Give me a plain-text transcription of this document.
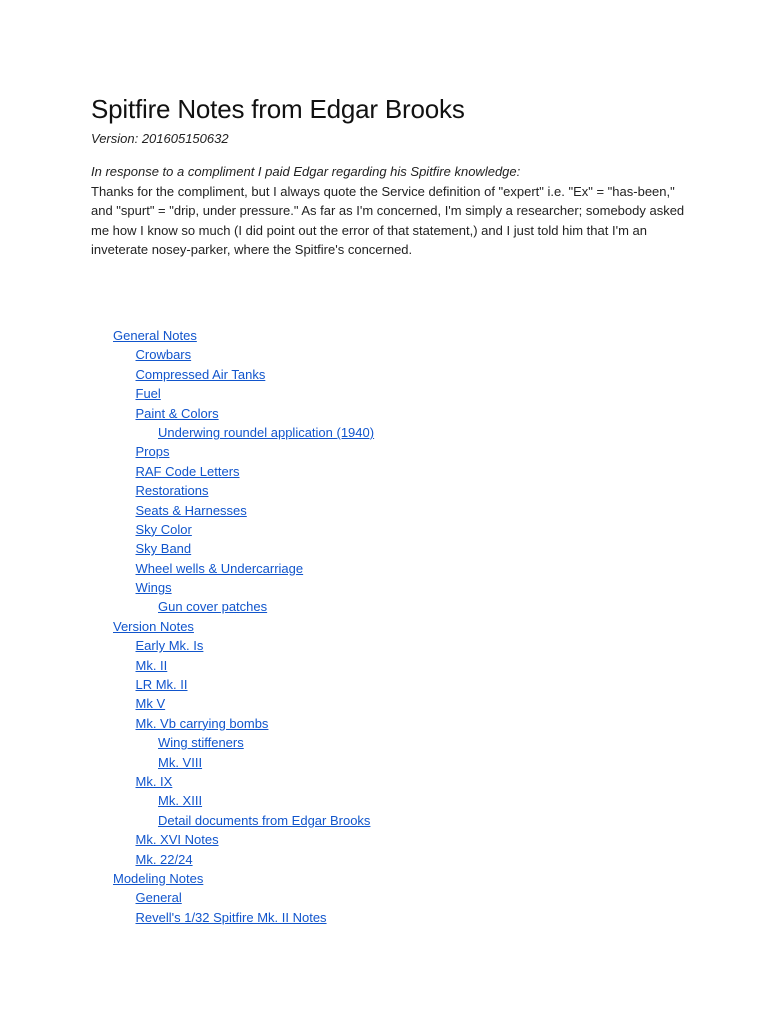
Spitfire Notes from Edgar Brooks
Version: 201605150632
In response to a compliment I paid Edgar regarding his Spitfire knowledge:
Thanks for the compliment, but I always quote the Service definition of "expert" i.e. "Ex" = "has-been," and "spurt" = "drip, under pressure." As far as I'm concerned, I'm simply a researcher; somebody asked me how I know so much (I did point out the error of that statement,) and I just told him that I'm an inveterate nosey-parker, where the Spitfire's concerned.
General Notes
Crowbars
Compressed Air Tanks
Fuel
Paint & Colors
Underwing roundel application (1940)
Props
RAF Code Letters
Restorations
Seats & Harnesses
Sky Color
Sky Band
Wheel wells & Undercarriage
Wings
Gun cover patches
Version Notes
Early Mk. Is
Mk. II
LR Mk. II
Mk V
Mk. Vb carrying bombs
Wing stiffeners
Mk. VIII
Mk. IX
Mk. XIII
Detail documents from Edgar Brooks
Mk. XVI Notes
Mk. 22/24
Modeling Notes
General
Revell's 1/32 Spitfire Mk. II Notes
